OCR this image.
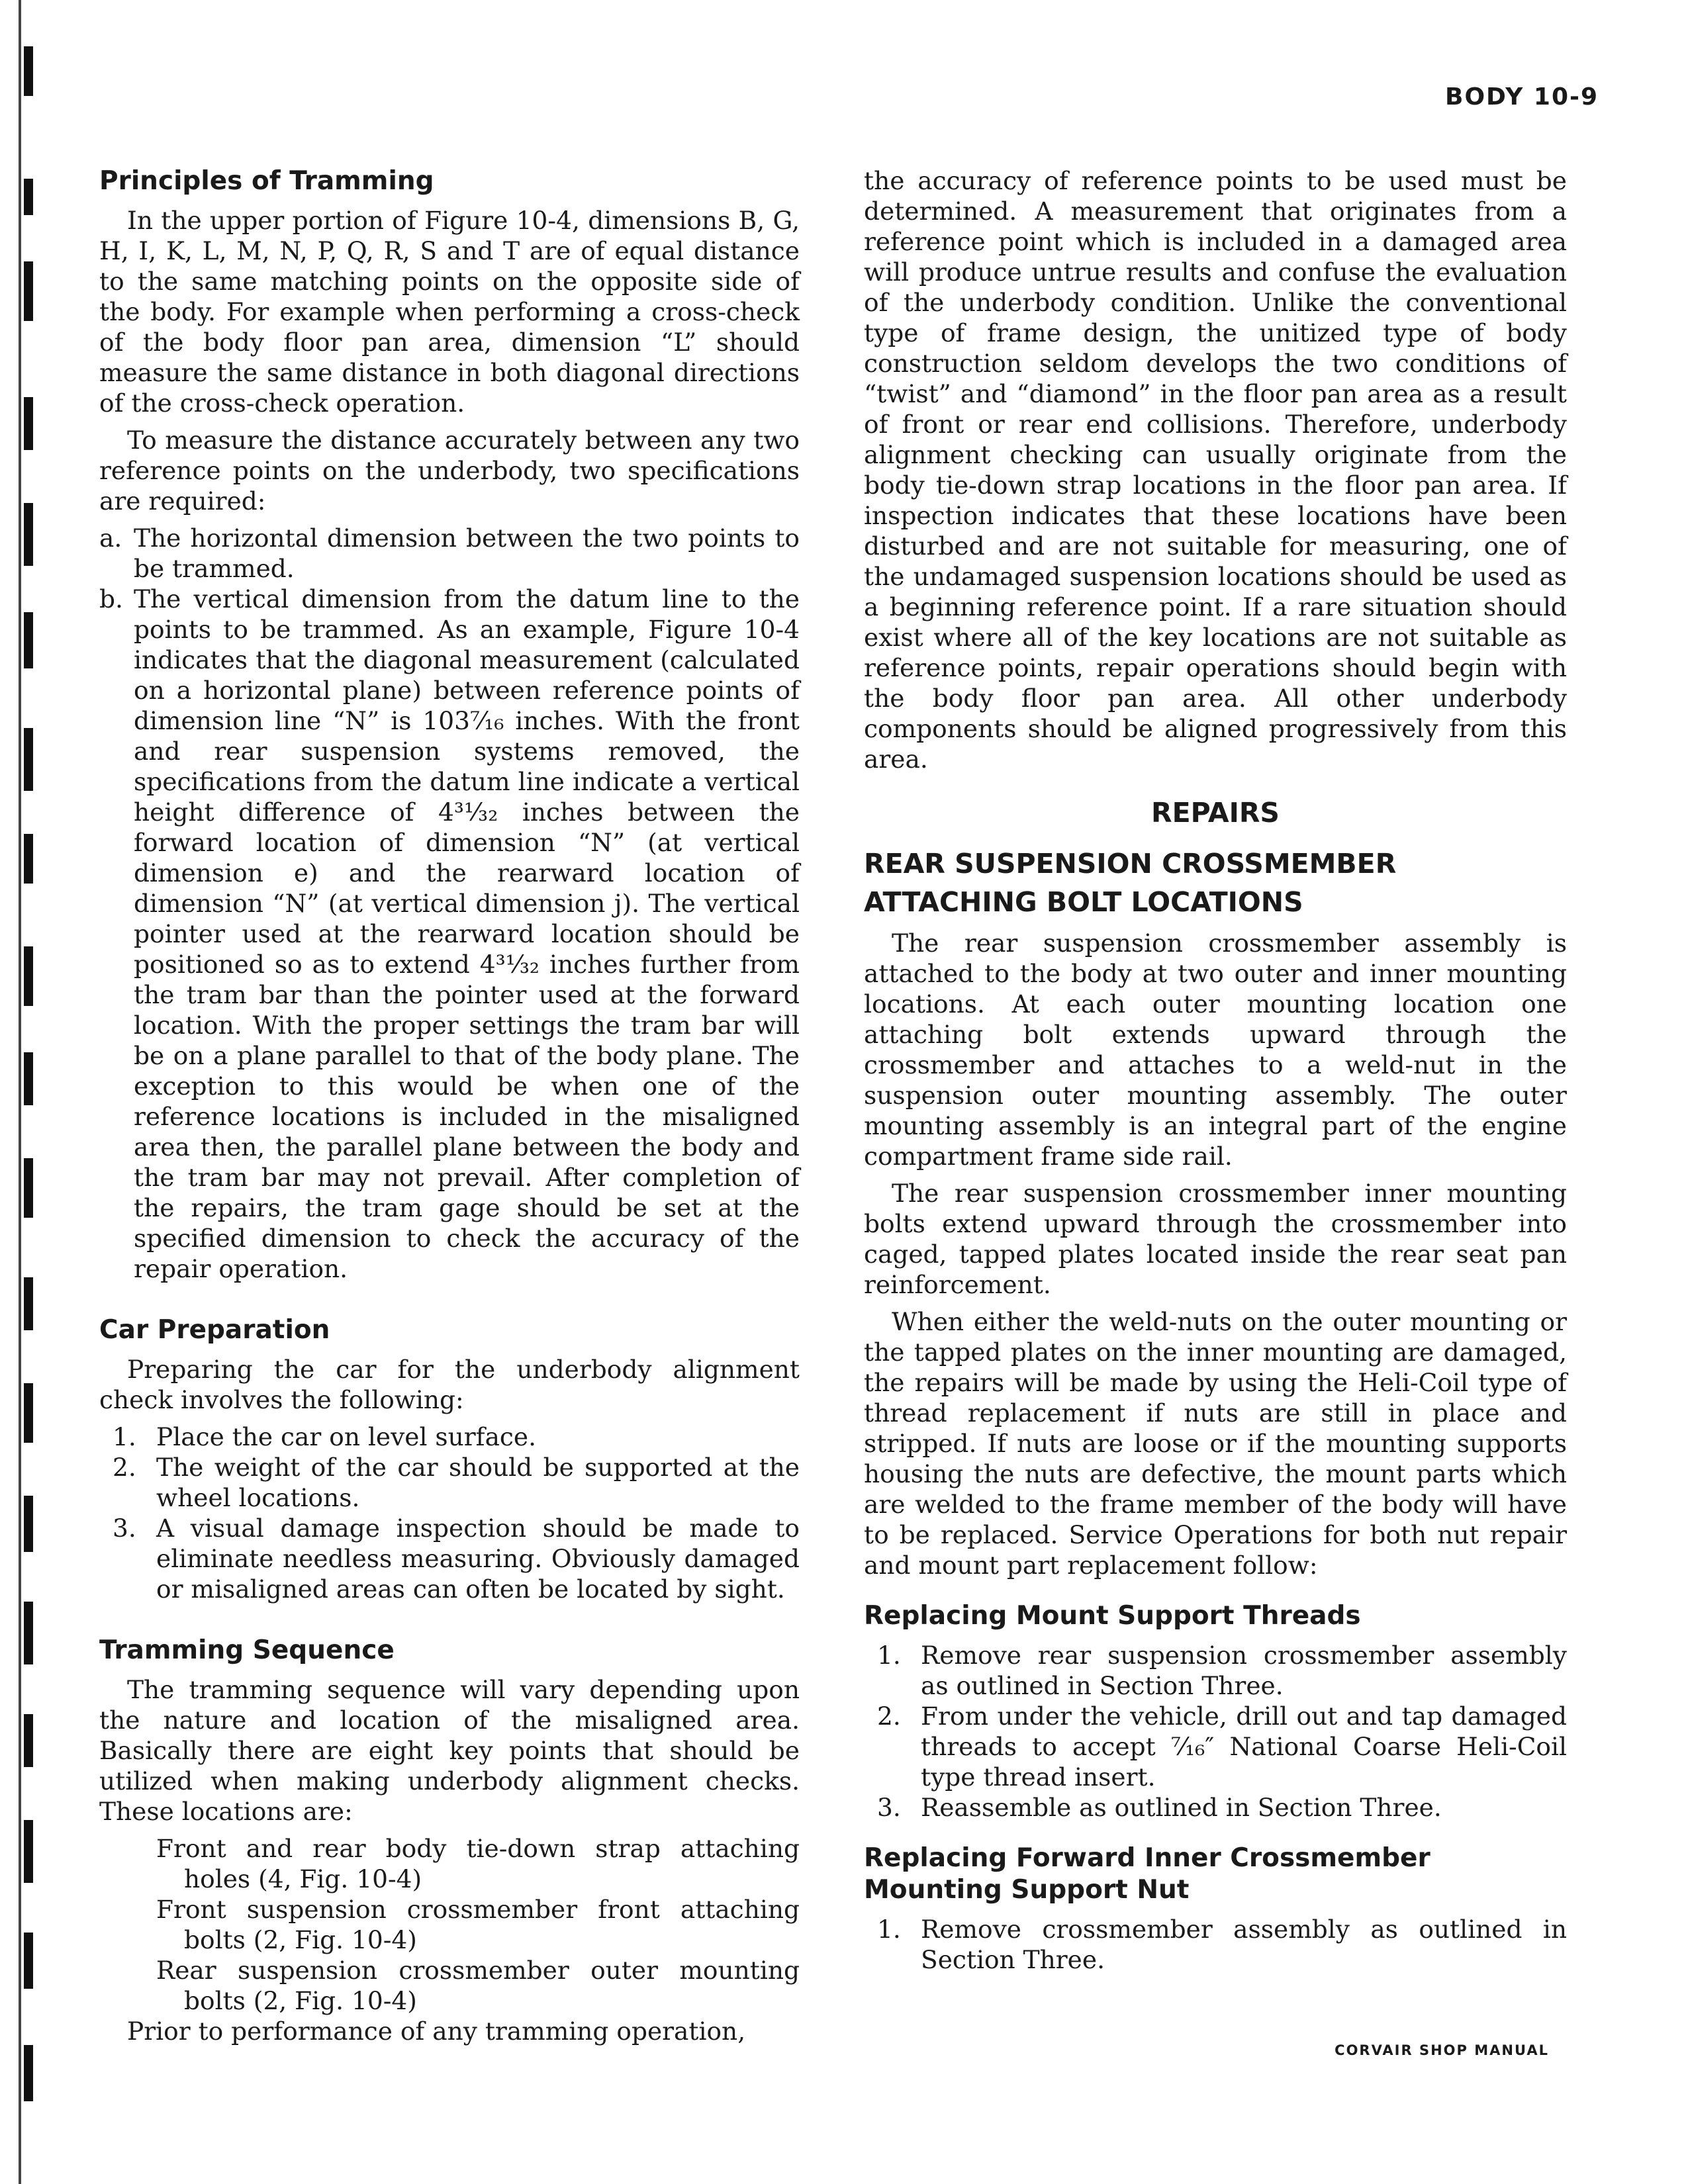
BODY 10-9
Principles of Tramming

In the upper portion of Figure 10-4, dimensions B, G, H, I, K, L, M, N, P, Q, R, S and T are of equal distance to the same matching points on the opposite side of the body. For example when performing a cross-check of the body floor pan area, dimension “L” should measure the same distance in both diagonal directions of the cross-check operation.

To measure the distance accurately between any two reference points on the underbody, two specifications are required:

a. The horizontal dimension between the two points to be trammed.
b. The vertical dimension from the datum line to the points to be trammed. As an example, Figure 10-4 indicates that the diagonal measurement (calculated on a horizontal plane) between reference points of dimension line “N” is 103⁷⁄₁₆ inches. With the front and rear suspension systems removed, the specifications from the datum line indicate a vertical height difference of 4³¹⁄₃₂ inches between the forward location of dimension “N” (at vertical dimension e) and the rearward location of dimension “N” (at vertical dimension j). The vertical pointer used at the rearward location should be positioned so as to extend 4³¹⁄₃₂ inches further from the tram bar than the pointer used at the forward location. With the proper settings the tram bar will be on a plane parallel to that of the body plane. The exception to this would be when one of the reference locations is included in the misaligned area then, the parallel plane between the body and the tram bar may not prevail. After completion of the repairs, the tram gage should be set at the specified dimension to check the accuracy of the repair operation.
Car Preparation

Preparing the car for the underbody alignment check involves the following:

1. Place the car on level surface.
2. The weight of the car should be supported at the wheel locations.
3. A visual damage inspection should be made to eliminate needless measuring. Obviously damaged or misaligned areas can often be located by sight.
Tramming Sequence

The tramming sequence will vary depending upon the nature and location of the misaligned area. Basically there are eight key points that should be utilized when making underbody alignment checks. These locations are:

Front and rear body tie-down strap attaching holes (4, Fig. 10-4)

Front suspension crossmember front attaching bolts (2, Fig. 10-4)

Rear suspension crossmember outer mounting bolts (2, Fig. 10-4)

Prior to performance of any tramming operation,

the accuracy of reference points to be used must be determined. A measurement that originates from a reference point which is included in a damaged area will produce untrue results and confuse the evaluation of the underbody condition. Unlike the conventional type of frame design, the unitized type of body construction seldom develops the two conditions of “twist” and “diamond” in the floor pan area as a result of front or rear end collisions. Therefore, underbody alignment checking can usually originate from the body tie-down strap locations in the floor pan area. If inspection indicates that these locations have been disturbed and are not suitable for measuring, one of the undamaged suspension locations should be used as a beginning reference point. If a rare situation should exist where all of the key locations are not suitable as reference points, repair operations should begin with the body floor pan area. All other underbody components should be aligned progressively from this area.

REPAIRS
REAR SUSPENSION CROSSMEMBER ATTACHING BOLT LOCATIONS

The rear suspension crossmember assembly is attached to the body at two outer and inner mounting locations. At each outer mounting location one attaching bolt extends upward through the crossmember and attaches to a weld-nut in the suspension outer mounting assembly. The outer mounting assembly is an integral part of the engine compartment frame side rail.

The rear suspension crossmember inner mounting bolts extend upward through the crossmember into caged, tapped plates located inside the rear seat pan reinforcement.

When either the weld-nuts on the outer mounting or the tapped plates on the inner mounting are damaged, the repairs will be made by using the Heli-Coil type of thread replacement if nuts are still in place and stripped. If nuts are loose or if the mounting supports housing the nuts are defective, the mount parts which are welded to the frame member of the body will have to be replaced. Service Operations for both nut repair and mount part replacement follow:

Replacing Mount Support Threads
1. Remove rear suspension crossmember assembly as outlined in Section Three.
2. From under the vehicle, drill out and tap damaged threads to accept ⁷⁄₁₆″ National Coarse Heli-Coil type thread insert.
3. Reassemble as outlined in Section Three.
Replacing Forward Inner Crossmember Mounting Support Nut
1. Remove crossmember assembly as outlined in Section Three.
CORVAIR SHOP MANUAL
